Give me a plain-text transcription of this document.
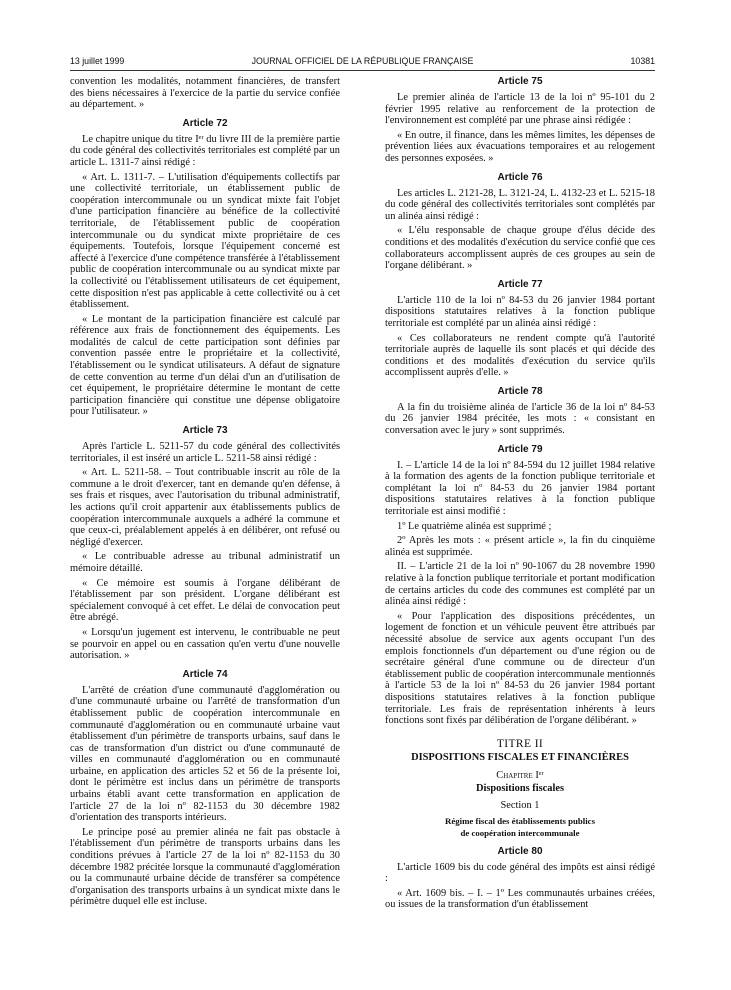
13 juillet 1999	JOURNAL OFFICIEL DE LA RÉPUBLIQUE FRANÇAISE	10381

convention les modalités, notamment financières, de transfert des biens nécessaires à l'exercice de la partie du service confiée au département. »

Article 72

Le chapitre unique du titre Iᵉʳ du livre III de la première partie du code général des collectivités territoriales est complété par un article L. 1311-7 ainsi rédigé :

« Art. L. 1311-7. – L'utilisation d'équipements collectifs par une collectivité territoriale, un établissement public de coopération intercommunale ou un syndicat mixte fait l'objet d'une participation financière au bénéfice de la collectivité territoriale, de l'établissement public de coopération intercommunale ou du syndicat mixte propriétaire de ces équipements. Toutefois, lorsque l'équipement concerné est affecté à l'exercice d'une compétence transférée à l'établissement public de coopération intercommunale ou au syndicat mixte par la collectivité ou l'établissement utilisateurs de cet équipement, cette disposition n'est pas applicable à cette collectivité ou à cet établissement.

« Le montant de la participation financière est calculé par référence aux frais de fonctionnement des équipements. Les modalités de calcul de cette participation sont définies par convention passée entre le propriétaire et la collectivité, l'établissement ou le syndicat utilisateurs. A défaut de signature de cette convention au terme d'un délai d'un an d'utilisation de cet équipement, le propriétaire détermine le montant de cette participation financière qui constitue une dépense obligatoire pour l'utilisateur. »

Article 73

Après l'article L. 5211-57 du code général des collectivités territoriales, il est inséré un article L. 5211-58 ainsi rédigé :

« Art. L. 5211-58. – Tout contribuable inscrit au rôle de la commune a le droit d'exercer, tant en demande qu'en défense, à ses frais et risques, avec l'autorisation du tribunal administratif, les actions qu'il croit appartenir aux établissements publics de coopération intercommunale auxquels a adhéré la commune et que ceux-ci, préalablement appelés à en délibérer, ont refusé ou négligé d'exercer.

« Le contribuable adresse au tribunal administratif un mémoire détaillé.

« Ce mémoire est soumis à l'organe délibérant de l'établissement par son président. L'organe délibérant est spécialement convoqué à cet effet. Le délai de convocation peut être abrégé.

« Lorsqu'un jugement est intervenu, le contribuable ne peut se pourvoir en appel ou en cassation qu'en vertu d'une nouvelle autorisation. »

Article 74

L'arrêté de création d'une communauté d'agglomération ou d'une communauté urbaine ou l'arrêté de transformation d'un établissement public de coopération intercommunale en communauté d'agglomération ou en communauté urbaine vaut établissement d'un périmètre de transports urbains, sauf dans le cas de transformation d'un district ou d'une communauté de villes en communauté d'agglomération ou en communauté urbaine, en application des articles 52 et 56 de la présente loi, dont le périmètre est inclus dans un périmètre de transports urbains établi avant cette transformation en application de l'article 27 de la loi nº 82-1153 du 30 décembre 1982 d'orientation des transports intérieurs.

Le principe posé au premier alinéa ne fait pas obstacle à l'établissement d'un périmètre de transports urbains dans les conditions prévues à l'article 27 de la loi nº 82-1153 du 30 décembre 1982 précitée lorsque la communauté d'agglomération ou la communauté urbaine décide de transférer sa compétence d'organisation des transports urbains à un syndicat mixte dans le périmètre duquel elle est incluse.

Article 75

Le premier alinéa de l'article 13 de la loi nº 95-101 du 2 février 1995 relative au renforcement de la protection de l'environnement est complété par une phrase ainsi rédigée :

« En outre, il finance, dans les mêmes limites, les dépenses de prévention liées aux évacuations temporaires et au relogement des personnes exposées. »

Article 76

Les articles L. 2121-28, L. 3121-24, L. 4132-23 et L. 5215-18 du code général des collectivités territoriales sont complétés par un alinéa ainsi rédigé :

« L'élu responsable de chaque groupe d'élus décide des conditions et des modalités d'exécution du service confié que ces collaborateurs accomplissent auprès de ces groupes au sein de l'organe délibérant. »

Article 77

L'article 110 de la loi nº 84-53 du 26 janvier 1984 portant dispositions statutaires relatives à la fonction publique territoriale est complété par un alinéa ainsi rédigé :

« Ces collaborateurs ne rendent compte qu'à l'autorité territoriale auprès de laquelle ils sont placés et qui décide des conditions et des modalités d'exécution du service qu'ils accomplissent auprès d'elle. »

Article 78

A la fin du troisième alinéa de l'article 36 de la loi nº 84-53 du 26 janvier 1984 précitée, les mots : « consistant en conversation avec le jury » sont supprimés.

Article 79

I. – L'article 14 de la loi nº 84-594 du 12 juillet 1984 relative à la formation des agents de la fonction publique territoriale et complétant la loi nº 84-53 du 26 janvier 1984 portant dispositions statutaires relatives à la fonction publique territoriale est ainsi modifié :

1º Le quatrième alinéa est supprimé ;

2º Après les mots : « présent article », la fin du cinquième alinéa est supprimée.

II. – L'article 21 de la loi nº 90-1067 du 28 novembre 1990 relative à la fonction publique territoriale et portant modification de certains articles du code des communes est complété par un alinéa ainsi rédigé :

« Pour l'application des dispositions précédentes, un logement de fonction et un véhicule peuvent être attribués par nécessité absolue de service aux agents occupant l'un des emplois fonctionnels d'un département ou d'une région ou de secrétaire général d'une commune ou de directeur d'un établissement public de coopération intercommunale mentionnés à l'article 53 de la loi nº 84-53 du 26 janvier 1984 portant dispositions statutaires relatives à la fonction publique territoriale. Les frais de représentation inhérents à leurs fonctions sont fixés par délibération de l'organe délibérant. »

TITRE II
DISPOSITIONS FISCALES ET FINANCIÈRES
Chapitre Iᵉʳ
Dispositions fiscales
Section 1
Régime fiscal des établissements publics
de coopération intercommunale
Article 80

L'article 1609 bis du code général des impôts est ainsi rédigé :

« Art. 1609 bis. – I. – 1º Les communautés urbaines créées, ou issues de la transformation d'un établissement
